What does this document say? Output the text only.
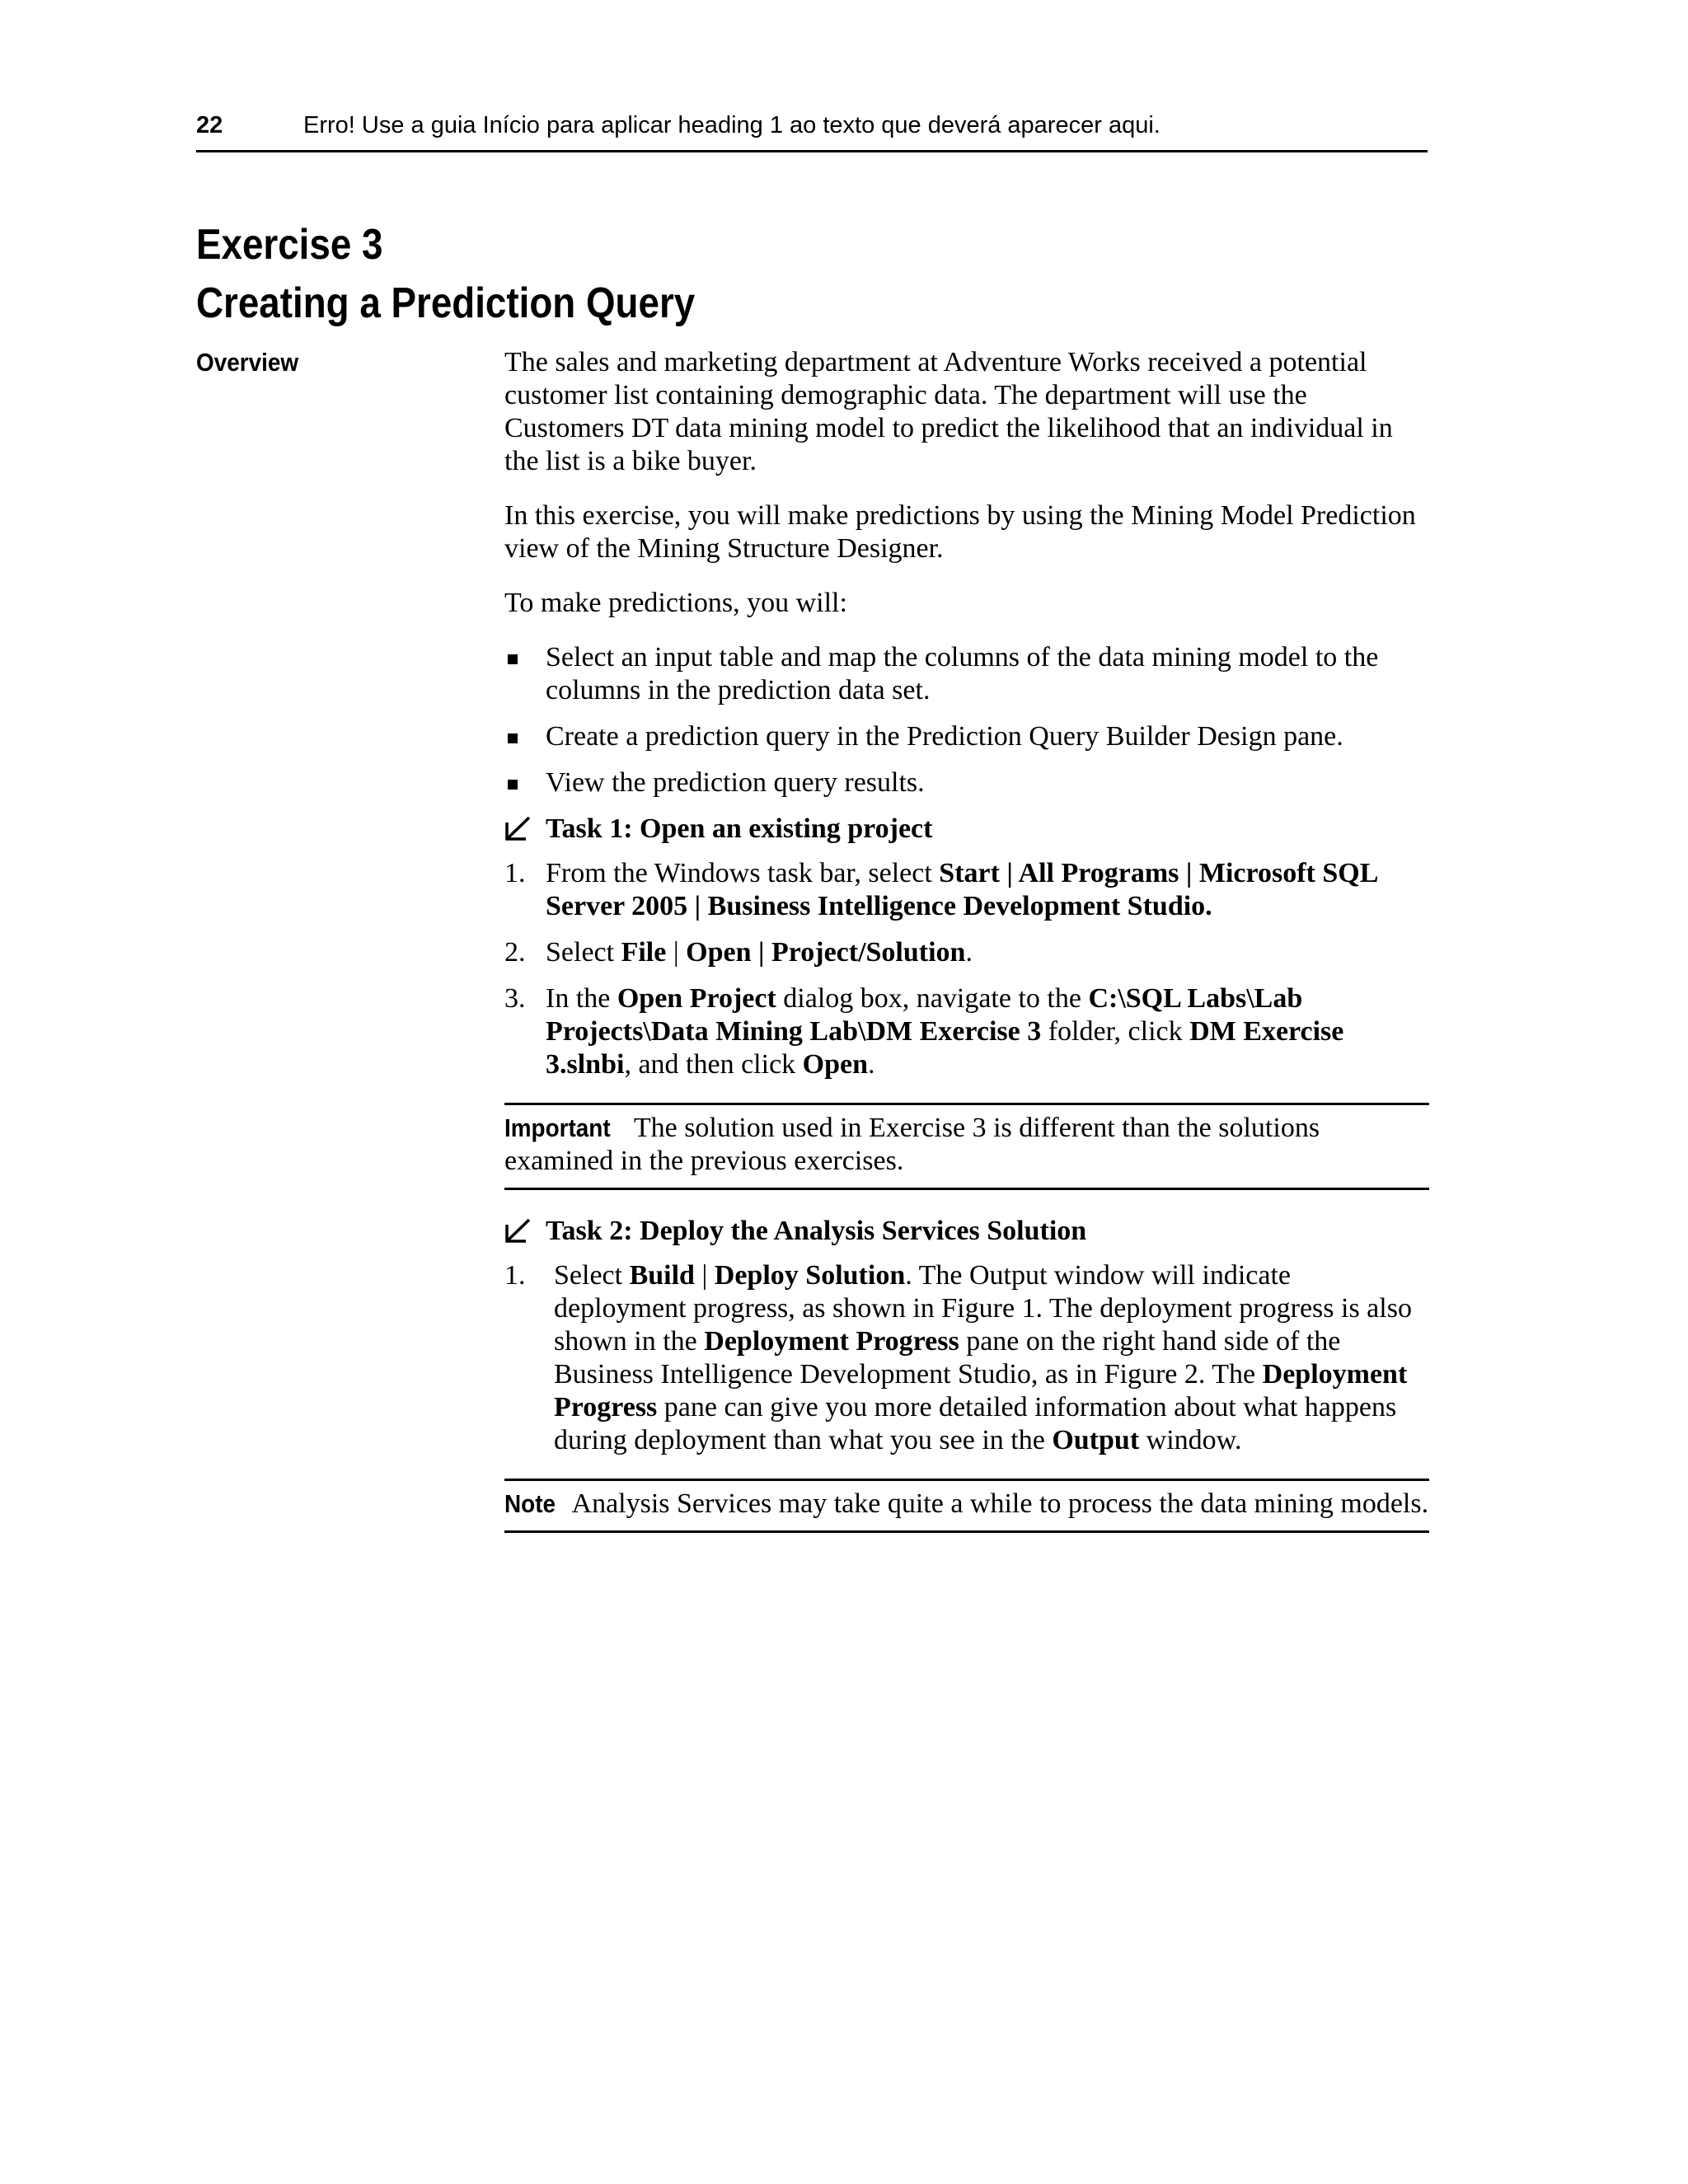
22	Erro! Use a guia Início para aplicar heading 1 ao texto que deverá aparecer aqui.
Exercise 3
Creating a Prediction Query
Overview	The sales and marketing department at Adventure Works received a potential customer list containing demographic data. The department will use the Customers DT data mining model to predict the likelihood that an individual in the list is a bike buyer.

In this exercise, you will make predictions by using the Mining Model Prediction view of the Mining Structure Designer.

To make predictions, you will:

Select an input table and map the columns of the data mining model to the columns in the prediction data set.
Create a prediction query in the Prediction Query Builder Design pane.
View the prediction query results.
Task 1: Open an existing project
1. From the Windows task bar, select Start | All Programs | Microsoft SQL Server 2005 | Business Intelligence Development Studio.
2. Select File | Open | Project/Solution.
3. In the Open Project dialog box, navigate to the C:\SQL Labs\Lab Projects\Data Mining Lab\DM Exercise 3 folder, click DM Exercise 3.slnbi, and then click Open.
Important The solution used in Exercise 3 is different than the solutions examined in the previous exercises.
Task 2: Deploy the Analysis Services Solution
1. Select Build | Deploy Solution. The Output window will indicate deployment progress, as shown in Figure 1. The deployment progress is also shown in the Deployment Progress pane on the right hand side of the Business Intelligence Development Studio, as in Figure 2. The Deployment Progress pane can give you more detailed information about what happens during deployment than what you see in the Output window.
Note Analysis Services may take quite a while to process the data mining models.
